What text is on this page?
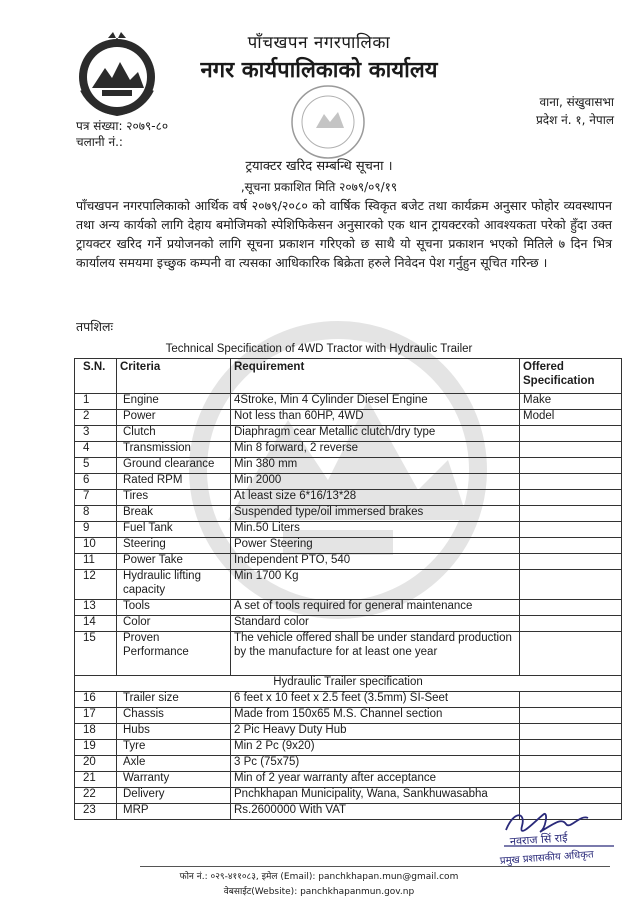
पाँचखपन नगरपालिका
नगर कार्यपालिकाको कार्यालय
वाना, संखुवासभा
प्रदेश नं. १, नेपाल
पत्र संख्या: २०७९-८०
चलानी नं.:
ट्रयाक्टर खरिद सम्बन्धि सूचना ।
,सूचना प्रकाशित मिति २०७९/०९/१९
पाँचखपन नगरपालिकाको आर्थिक वर्ष २०७९/२०८० को वार्षिक स्विकृत बजेट तथा कार्यक्रम अनुसार फोहोर व्यवस्थापन तथा अन्य कार्यको लागि देहाय बमोजिमको स्पेशिफिकेसन अनुसारको एक थान ट्रायक्टरको आवश्यकता परेको हुँदा उक्त ट्रायक्टर खरिद गर्ने प्रयोजनको लागि सूचना प्रकाशन गरिएको छ साथै यो सूचना प्रकाशन भएको मितिले ७ दिन भित्र कार्यालय समयमा इच्छुक कम्पनी वा त्यसका आधिकारिक बिक्रेता हरुले निवेदन पेश गर्नुहुन सूचित गरिन्छ ।
तपशिलः
Technical Specification of 4WD Tractor with Hydraulic Trailer
S.N.	Criteria	Requirement	Offered Specification
1	Engine	4Stroke, Min 4 Cylinder Diesel Engine	Make
2	Power	Not less than 60HP, 4WD	Model
3	Clutch	Diaphragm cear Metallic clutch/dry type	
4	Transmission	Min 8 forward, 2 reverse	
5	Ground clearance	Min 380 mm	
6	Rated RPM	Min 2000	
7	Tires	At least size 6*16/13*28	
8	Break	Suspended type/oil immersed brakes	
9	Fuel Tank	Min.50 Liters	
10	Steering	Power Steering	
11	Power Take	Independent PTO, 540	
12	Hydraulic lifting capacity	Min 1700 Kg	
13	Tools	A set of tools required for general maintenance	
14	Color	Standard color	
15	Proven Performance	The vehicle offered shall be under standard production by the manufacture for at least one year	
Hydraulic Trailer specification			
16	Trailer size	6 feet x 10 feet x 2.5 feet (3.5mm) SI-Seet	
17	Chassis	Made from 150x65 M.S. Channel section	
18	Hubs	2 Pic Heavy Duty Hub	
19	Tyre	Min 2 Pc (9x20)	
20	Axle	3 Pc (75x75)	
21	Warranty	Min of 2 year warranty after acceptance	
22	Delivery	Pnchkhapan Municipality, Wana, Sankhuwasabha	
23	MRP	Rs.2600000 With VAT	
नवराज सिं राई
प्रमुख प्रशासकीय अधिकृत
फोन नं.: ०२९-४११०८३, इमेल (Email): panchkhapan.mun@gmail.com
वेबसाईट(Website): panchkhapanmun.gov.np
